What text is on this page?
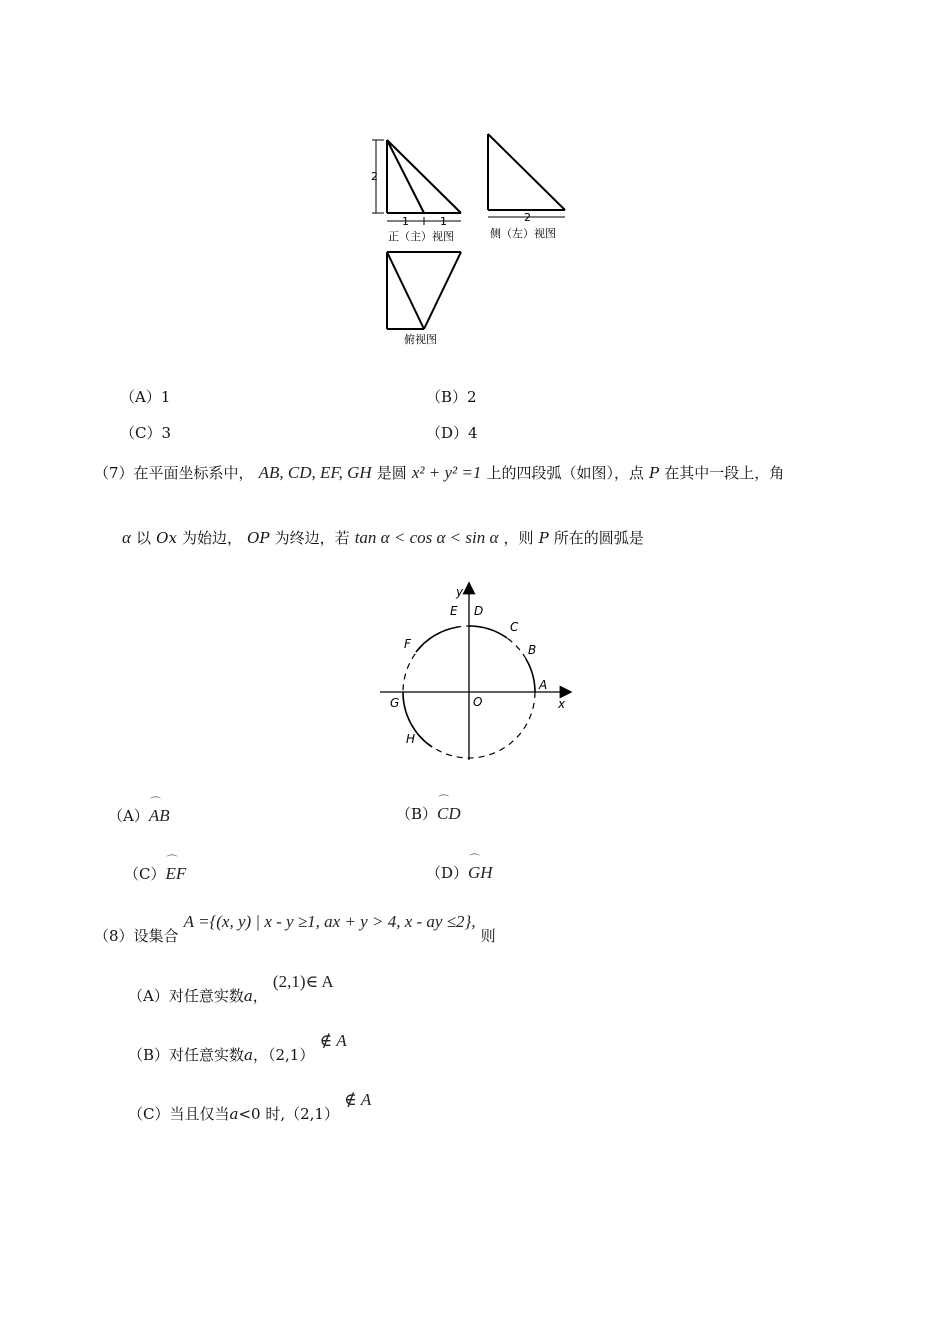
2
1	1
正（主）视图
2
侧（左）视图
俯视图
（A）1	（B）2
（C）3	（D）4
（7）在平面坐标系中， AB, CD, EF, GH 是圆 x² + y² =1 上的四段弧（如图），点 P 在其中一段上，角
α 以 Ox 为始边， OP 为终边，若 tan α < cos α < sin α ，则 P 所在的圆弧是
y
x
O
A
B
C
D
E
F
G
H
（A）⌒ AB	（B）⌒ CD
（C）⌒ EF	（D）⌒ GH
（8）设集合 A ={(x, y) | x - y ≥1, ax + y > 4, x - ay ≤2}, 则
（A）对任意实数a， (2,1)∈ A
（B）对任意实数a，（2,1） ∉ A
（C）当且仅当a<0 时,（2,1） ∉ A
